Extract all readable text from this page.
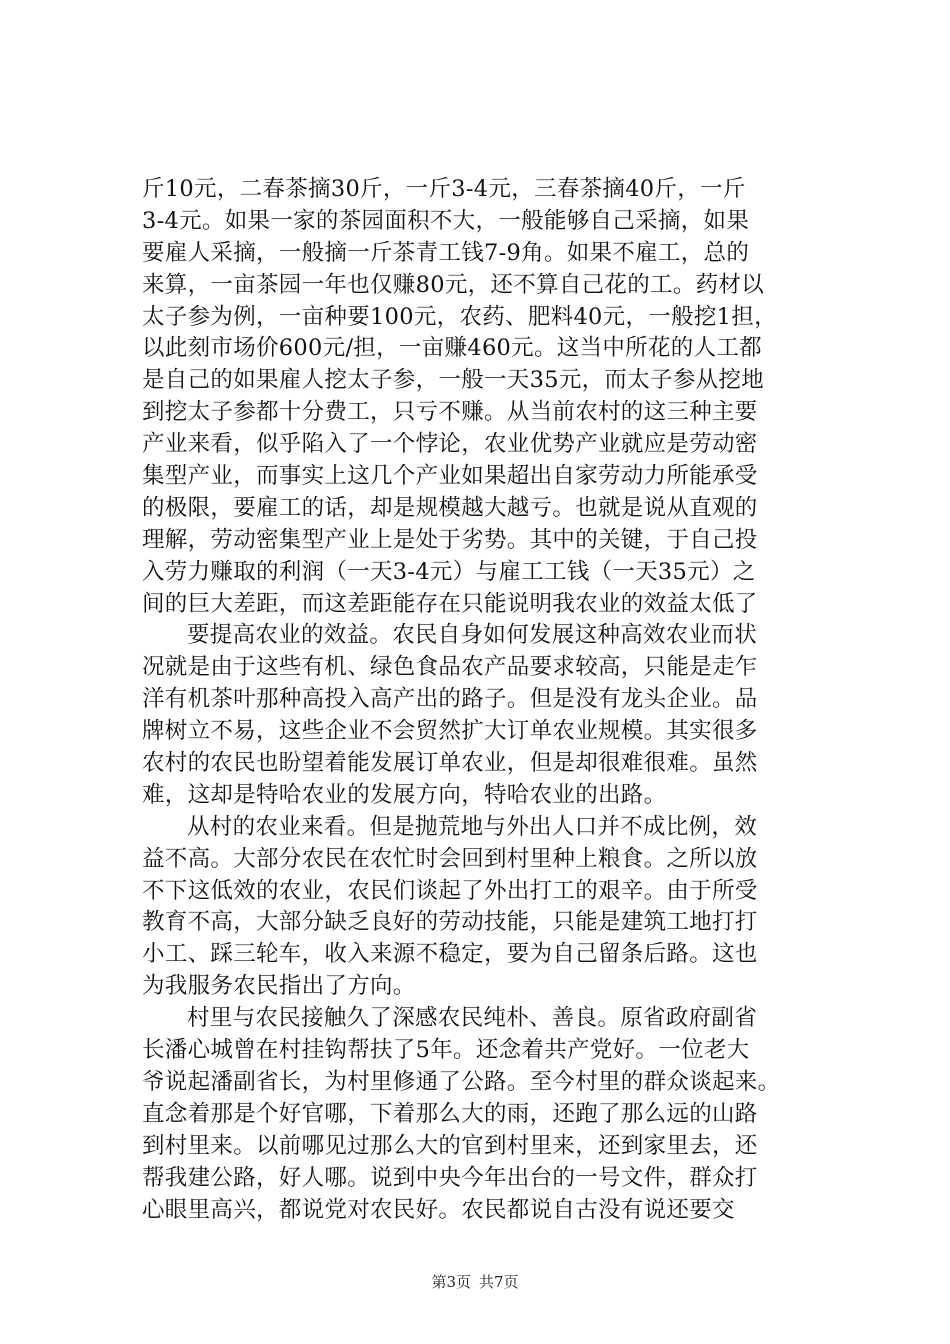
斤10元，二春茶摘30斤，一斤3-4元，三春茶摘40斤，一斤
3-4元。如果一家的茶园面积不大，一般能够自己采摘，如果
要雇人采摘，一般摘一斤茶青工钱7-9角。如果不雇工，总的
来算，一亩茶园一年也仅赚80元，还不算自己花的工。药材以
太子参为例，一亩种要100元，农药、肥料40元，一般挖1担，
以此刻市场价600元/担，一亩赚460元。这当中所花的人工都
是自己的如果雇人挖太子参，一般一天35元，而太子参从挖地
到挖太子参都十分费工，只亏不赚。从当前农村的这三种主要
产业来看，似乎陷入了一个悖论，农业优势产业就应是劳动密
集型产业，而事实上这几个产业如果超出自家劳动力所能承受
的极限，要雇工的话，却是规模越大越亏。也就是说从直观的
理解，劳动密集型产业上是处于劣势。其中的关键，于自己投
入劳力赚取的利润（一天3-4元）与雇工工钱（一天35元）之
间的巨大差距，而这差距能存在只能说明我农业的效益太低了
要提高农业的效益。农民自身如何发展这种高效农业而状
况就是由于这些有机、绿色食品农产品要求较高，只能是走乍
洋有机茶叶那种高投入高产出的路子。但是没有龙头企业。品
牌树立不易，这些企业不会贸然扩大订单农业规模。其实很多
农村的农民也盼望着能发展订单农业，但是却很难很难。虽然
难，这却是特哈农业的发展方向，特哈农业的出路。
从村的农业来看。但是抛荒地与外出人口并不成比例，效
益不高。大部分农民在农忙时会回到村里种上粮食。之所以放
不下这低效的农业，农民们谈起了外出打工的艰辛。由于所受
教育不高，大部分缺乏良好的劳动技能，只能是建筑工地打打
小工、踩三轮车，收入来源不稳定，要为自己留条后路。这也
为我服务农民指出了方向。
村里与农民接触久了深感农民纯朴、善良。原省政府副省
长潘心城曾在村挂钩帮扶了5年。还念着共产党好。一位老大
爷说起潘副省长，为村里修通了公路。至今村里的群众谈起来。
直念着那是个好官哪，下着那么大的雨，还跑了那么远的山路
到村里来。以前哪见过那么大的官到村里来，还到家里去，还
帮我建公路，好人哪。说到中央今年出台的一号文件，群众打
心眼里高兴，都说党对农民好。农民都说自古没有说还要交
第3页 共7页
